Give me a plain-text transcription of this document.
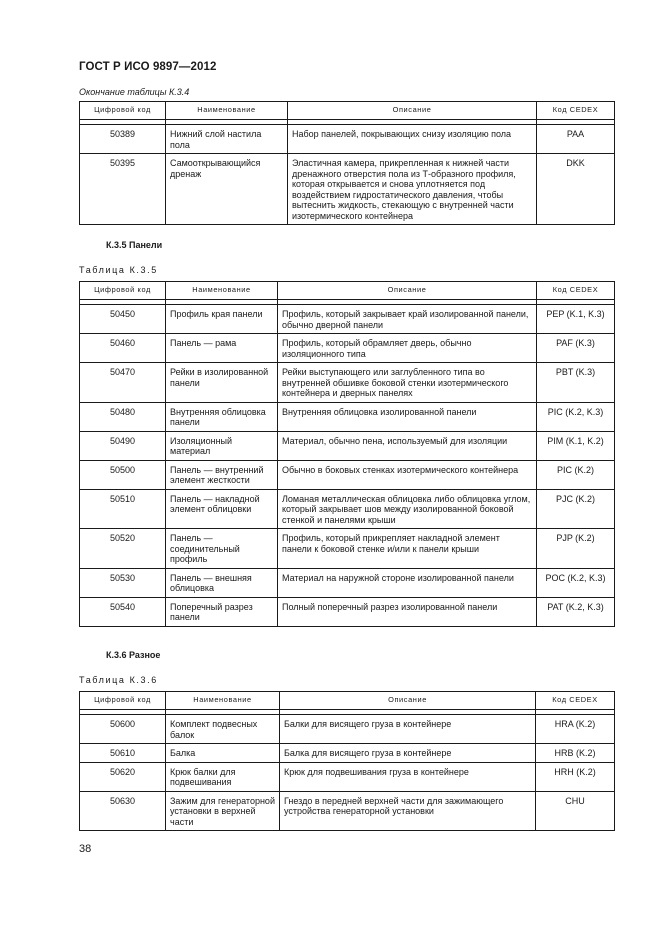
ГОСТ Р ИСО 9897—2012
Окончание таблицы К.3.4
Цифровой код	Наименование	Описание	Код CEDEX

50389	Нижний слой настила пола	Набор панелей, покрывающих снизу изоляцию пола	PAA
50395	Самооткрывающийся дренаж	Эластичная камера, прикрепленная к нижней части дренажного отверстия пола из Т-образного профиля, которая открывается и снова уплотняется под воздействием гидростатического давления, чтобы вытеснить жидкость, стекающую с внутренней части изотермического контейнера	DKK
К.3.5 Панели
Таблица К.3.5
Цифровой код	Наименование	Описание	Код CEDEX

50450	Профиль края панели	Профиль, который закрывает край изолированной панели, обычно дверной панели	PEP (K.1, K.3)
50460	Панель — рама	Профиль, который обрамляет дверь, обычно изоляционного типа	PAF (K.3)
50470	Рейки в изолированной панели	Рейки выступающего или заглубленного типа во внутренней обшивке боковой стенки изотермического контейнера и дверных панелях	PBT (K.3)
50480	Внутренняя облицовка панели	Внутренняя облицовка изолированной панели	PIC (K.2, K.3)
50490	Изоляционный материал	Материал, обычно пена, используемый для изоляции	PIM (K.1, K.2)
50500	Панель — внутренний элемент жесткости	Обычно в боковых стенках изотермического контейнера	PIC (K.2)
50510	Панель — накладной элемент облицовки	Ломаная металлическая облицовка либо облицовка углом, который закрывает шов между изолированной боковой стенкой и панелями крыши	PJC (K.2)
50520	Панель — соединительный профиль	Профиль, который прикрепляет накладной элемент панели к боковой стенке и/или к панели крыши	PJP (K.2)
50530	Панель — внешняя облицовка	Материал на наружной стороне изолированной панели	POC (K.2, K.3)
50540	Поперечный разрез панели	Полный поперечный разрез изолированной панели	PAT (K.2, K.3)
К.3.6 Разное
Таблица К.3.6
Цифровой код	Наименование	Описание	Код CEDEX

50600	Комплект подвесных балок	Балки для висящего груза в контейнере	HRA (K.2)
50610	Балка	Балка для висящего груза в контейнере	HRB (K.2)
50620	Крюк балки для подвешивания	Крюк для подвешивания груза в контейнере	HRH (K.2)
50630	Зажим для генераторной установки в верхней части	Гнездо в передней верхней части для зажимающего устройства генераторной установки	CHU
38
